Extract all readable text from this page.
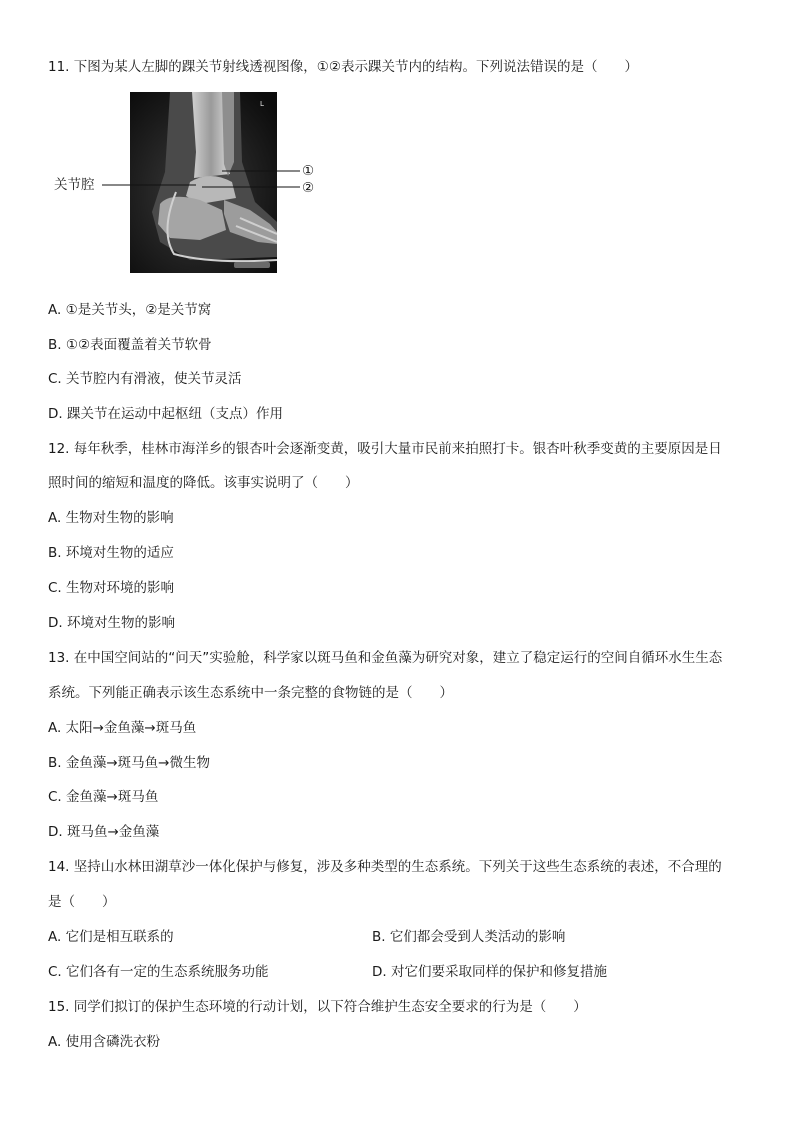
11. 下图为某人左脚的踝关节射线透视图像，①②表示踝关节内的结构。下列说法错误的是（　　）
L
关节腔
①
②
A. ①是关节头，②是关节窝
B. ①②表面覆盖着关节软骨
C. 关节腔内有滑液，使关节灵活
D. 踝关节在运动中起枢纽（支点）作用
12. 每年秋季，桂林市海洋乡的银杏叶会逐渐变黄，吸引大量市民前来拍照打卡。银杏叶秋季变黄的主要原因是日
照时间的缩短和温度的降低。该事实说明了（　　）
A. 生物对生物的影响
B. 环境对生物的适应
C. 生物对环境的影响
D. 环境对生物的影响
13. 在中国空间站的“问天”实验舱，科学家以斑马鱼和金鱼藻为研究对象，建立了稳定运行的空间自循环水生生态
系统。下列能正确表示该生态系统中一条完整的食物链的是（　　）
A. 太阳→金鱼藻→斑马鱼
B. 金鱼藻→斑马鱼→微生物
C. 金鱼藻→斑马鱼
D. 斑马鱼→金鱼藻
14. 坚持山水林田湖草沙一体化保护与修复，涉及多种类型的生态系统。下列关于这些生态系统的表述，不合理的
是（　　）
A. 它们是相互联系的	B. 它们都会受到人类活动的影响
C. 它们各有一定的生态系统服务功能	D. 对它们要采取同样的保护和修复措施
15. 同学们拟订的保护生态环境的行动计划，以下符合维护生态安全要求的行为是（　　）
A. 使用含磷洗衣粉
